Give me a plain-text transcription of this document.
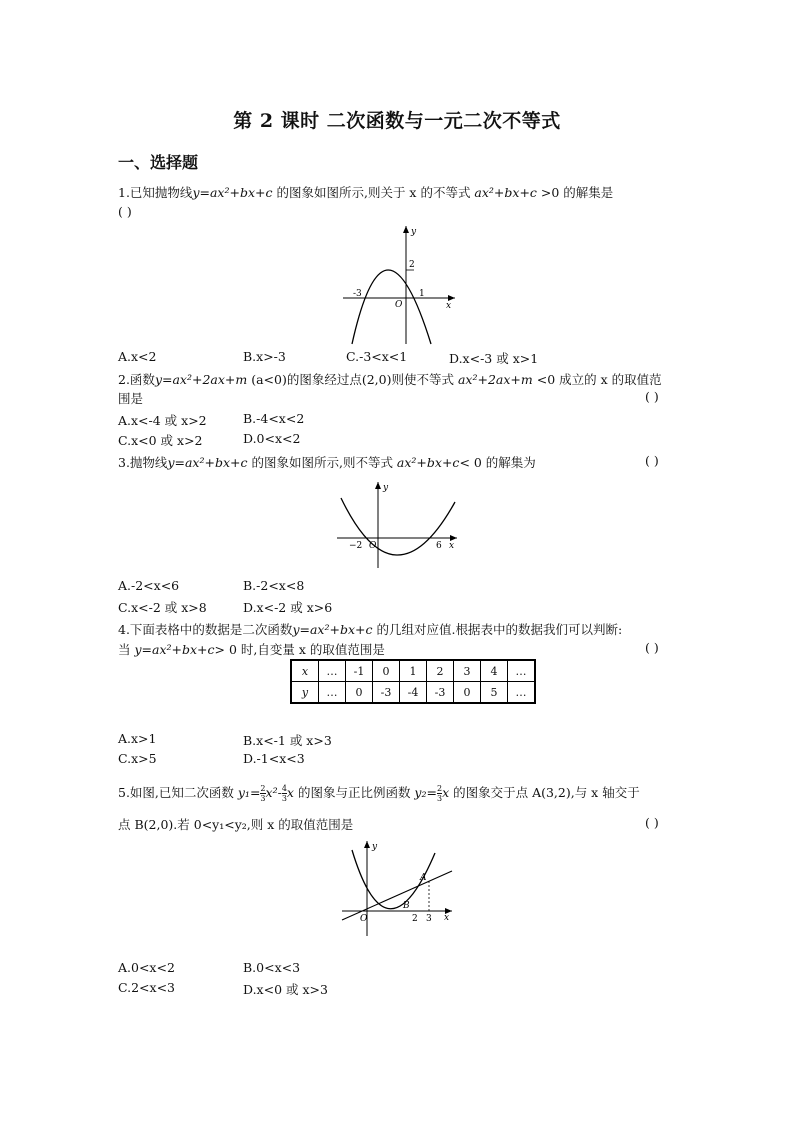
第 2 课时 二次函数与一元二次不等式
一、选择题
1.已知抛物线y=ax²+bx+c 的图象如图所示,则关于 x 的不等式 ax²+bx+c >0 的解集是
( )
y
x
-3	1
2
O
A.x<2	B.x>-3	C.-3<x<1	D.x<-3 或 x>1
2.函数y=ax²+2ax+m (a<0)的图象经过点(2,0)则使不等式 ax²+2ax+m <0 成立的 x 的取值范
围是	( )
A.x<-4 或 x>2	B.-4<x<2
C.x<0 或 x>2	D.0<x<2
3.抛物线y=ax²+bx+c 的图象如图所示,则不等式 ax²+bx+c< 0 的解集为	( )
y
x
−2	6
O
A.-2<x<6	B.-2<x<8
C.x<-2 或 x>8	D.x<-2 或 x>6
4.下面表格中的数据是二次函数y=ax²+bx+c 的几组对应值.根据表中的数据我们可以判断:
当 y=ax²+bx+c> 0 时,自变量 x 的取值范围是	( )
x	…	-1	0	1	2	3	4	…
y	…	0	-3	-4	-3	0	5	…
A.x>1	B.x<-1 或 x>3
C.x>5	D.-1<x<3
5.如图,已知二次函数 $y_1= \frac{2}{3} x^2- \frac{4}{3}$ x 的图象与正比例函数 $y_2= \frac{2}{3}$ x 的图象交于点 A(3,2),与 x 轴交于
点 B(2,0).若 0<y₁<y₂,则 x 的取值范围是	( )
y
x
A
B
2 3
O
A.0<x<2	B.0<x<3
C.2<x<3	D.x<0 或 x>3
